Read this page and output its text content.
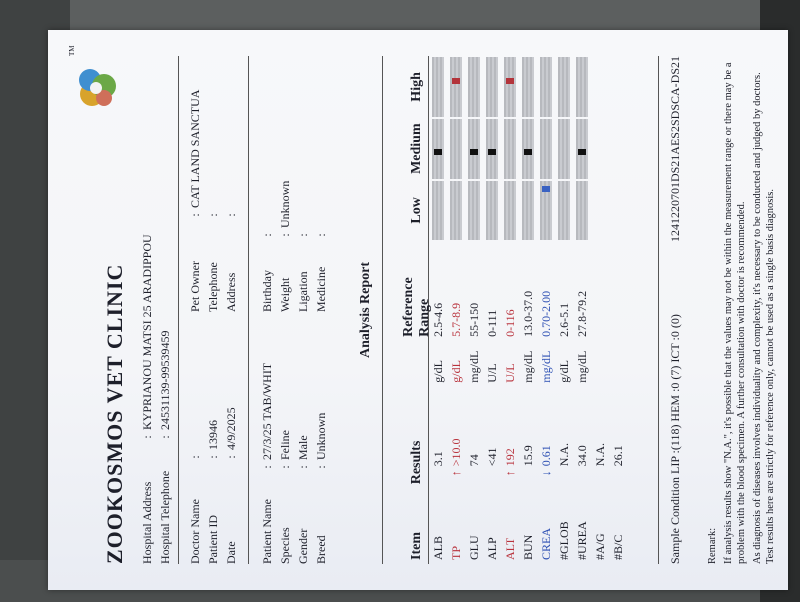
TM
ZOOKOSMOS VET CLINIC Hospital Address
:
KYPRIANOU MATSI 25 ARADIPPOU
Hospital Telephone
:
24531139-99539459
Doctor Name
:
Patient ID
:
13946
Date
:
4/9/2025
Pet Owner
:
CAT LAND SANCTUA
Telephone
:
Address
:
Patient Name
:
27/3/25 TAB/WHIT
Species
:
Feline
Gender
:
Male
Breed
:
Unknown
Birthday
:
Weight
:
Unknown
Ligation
:
Medicine
:
Analysis Report
Item
Results
Reference Range
Low
Medium
High
ALB
3.1
g/dL
2.5-4.6
TP
↑
>10.0
g/dL
5.7-8.9
GLU
74
mg/dL
55-150
ALP
<41
U/L
0-111
ALT
↑
192
U/L
0-116
BUN
15.9
mg/dL
13.0-37.0
CREA
↓
0.61
mg/dL
0.70-2.00
#GLOB
N.A.
g/dL
2.6-5.1
#UREA
34.0
mg/dL
27.8-79.2
#A/G
N.A.
#B/C
26.1	Sample Condition LIP :(118) HEM :0 (7) ICT :0 (0)
1241220701DS21AES2SDSCA-DS21

Remark: If analysis results show "N.A.", it's possible that the values may not be within the measurement range or there may be a problem with the blood specimen. A further consultation with doctor is recommended. As diagnosis of diseases involves individuality and complexity, it's necessary to be conducted and judged by doctors. Test results here are strictly for reference only, cannot be used as a single basis diagnosis.
